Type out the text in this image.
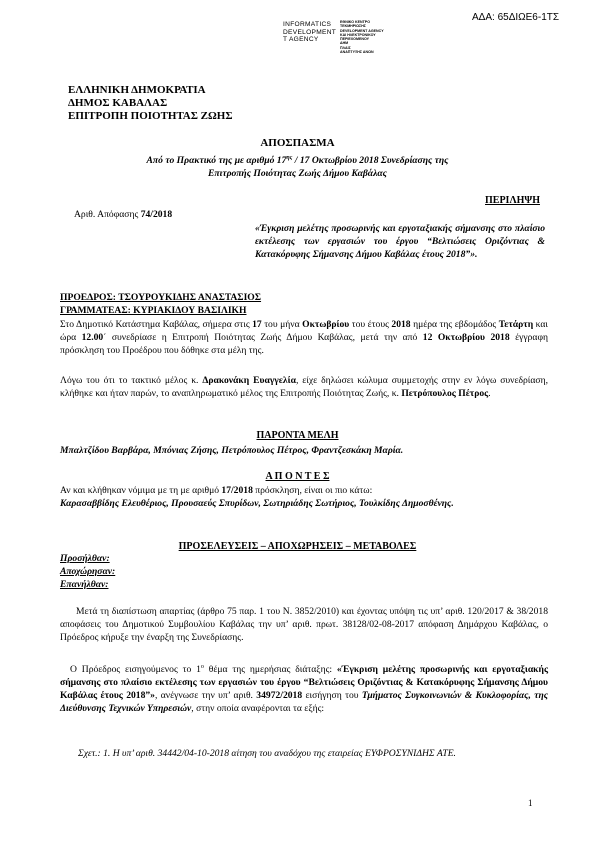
ΑΔΑ: 65ΔΙΩΕ6-1ΤΣ
INFORMATICS
DEVELOPMENT
T AGENCY
ΕΘΝΙΚΟ ΚΕΝΤΡΟ
ΤΕΚΜΗΡΙΩΣΗΣ
DEVELOPMENT AGENCY
ΚΑΙ ΗΛΕΚΤΡΟΝΙΚΟΥ
ΠΕΡΙΕΧΟΜΕΝΟΥ
ΔΗΜ
ΠΛΑΙΣ
ΑΝΑΠΤΥΞΗΣ ΑΝΩΝ
ΕΛΛΗΝΙΚΗ ΔΗΜΟΚΡΑΤΙΑ
ΔΗΜΟΣ ΚΑΒΑΛΑΣ
ΕΠΙΤΡΟΠΗ ΠΟΙΟΤΗΤΑΣ ΖΩΗΣ
ΑΠΟΣΠΑΣΜΑ
Από το Πρακτικό της με αριθμό $17^{\eta\varsigma} / 17$ Οκτωβρίου 2018 Συνεδρίασης της
Επιτροπής Ποιότητας Ζωής Δήμου Καβάλας
ΠΕΡΙΛΗΨΗ
Αριθ. Απόφασης 74/2018
«Έγκριση μελέτης προσωρινής και εργοταξιακής σήμανσης στο πλαίσιο εκτέλεσης των εργασιών του έργου “Βελτιώσεις Οριζόντιας & Κατακόρυφης Σήμανσης Δήμου Καβάλας έτους 2018”».
ΠΡΟΕΔΡΟΣ: ΤΣΟΥΡΟΥΚΙΔΗΣ ΑΝΑΣΤΑΣΙΟΣ
ΓΡΑΜΜΑΤΕΑΣ: ΚΥΡΙΑΚΙΔΟΥ ΒΑΣΙΛΙΚΗ
Στο Δημοτικό Κατάστημα Καβάλας, σήμερα στις 17 του μήνα Οκτωβρίου του έτους 2018 ημέρα της εβδομάδος Τετάρτη και ώρα 12.00΄ συνεδρίασε η Επιτροπή Ποιότητας Ζωής Δήμου Καβάλας, μετά την από 12 Οκτωβρίου 2018 έγγραφη πρόσκληση του Προέδρου που δόθηκε στα μέλη της.
Λόγω του ότι το τακτικό μέλος κ. Δρακονάκη Ευαγγελία, είχε δηλώσει κώλυμα συμμετοχής στην εν λόγω συνεδρίαση, κλήθηκε και ήταν παρών, το αναπληρωματικό μέλος της Επιτροπής Ποιότητας Ζωής, κ. Πετρόπουλος Πέτρος.
ΠΑΡΟΝΤΑ ΜΕΛΗ
Μπαλτζίδου Βαρβάρα, Μπόνιας Ζήσης, Πετρόπουλος Πέτρος, Φραντζεσκάκη Μαρία.
Α Π Ο Ν Τ Ε Σ
Αν και κλήθηκαν νόμιμα με τη με αριθμό 17/2018 πρόσκληση, είναι οι πιο κάτω:
Καρασαββίδης Ελευθέριος, Προυσαεύς Σπυρίδων, Σωτηριάδης Σωτήριος, Τουλκίδης Δημοσθένης.
ΠΡΟΣΕΛΕΥΣΕΙΣ – ΑΠΟΧΩΡΗΣΕΙΣ – ΜΕΤΑΒΟΛΕΣ
Προσήλθαν:
Αποχώρησαν:
Επανήλθαν:
Μετά τη διαπίστωση απαρτίας (άρθρο 75 παρ. 1 του Ν. 3852/2010) και έχοντας υπόψη τις υπ’ αριθ. 120/2017 & 38/2018 αποφάσεις του Δημοτικού Συμβουλίου Καβάλας την υπ’ αριθ. πρωτ. 38128/02-08-2017 απόφαση Δημάρχου Καβάλας, ο Πρόεδρος κήρυξε την έναρξη της Συνεδρίασης.
Ο Πρόεδρος εισηγούμενος το $1^o$ θέμα της ημερήσιας διάταξης: «Έγκριση μελέτης προσωρινής και εργοταξιακής σήμανσης στο πλαίσιο εκτέλεσης των εργασιών του έργου “Βελτιώσεις Οριζόντιας & Κατακόρυφης Σήμανσης Δήμου Καβάλας έτους 2018”», ανέγνωσε την υπ’ αριθ. 34972/2018 εισήγηση του Τμήματος Συγκοινωνιών & Κυκλοφορίας, της Διεύθυνσης Τεχνικών Υπηρεσιών, στην οποία αναφέρονται τα εξής:
Σχετ.: 1. Η υπ’ αριθ. 34442/04-10-2018 αίτηση του αναδόχου της εταιρείας ΕΥΦΡΟΣΥΝΙΔΗΣ ΑΤΕ.
1
